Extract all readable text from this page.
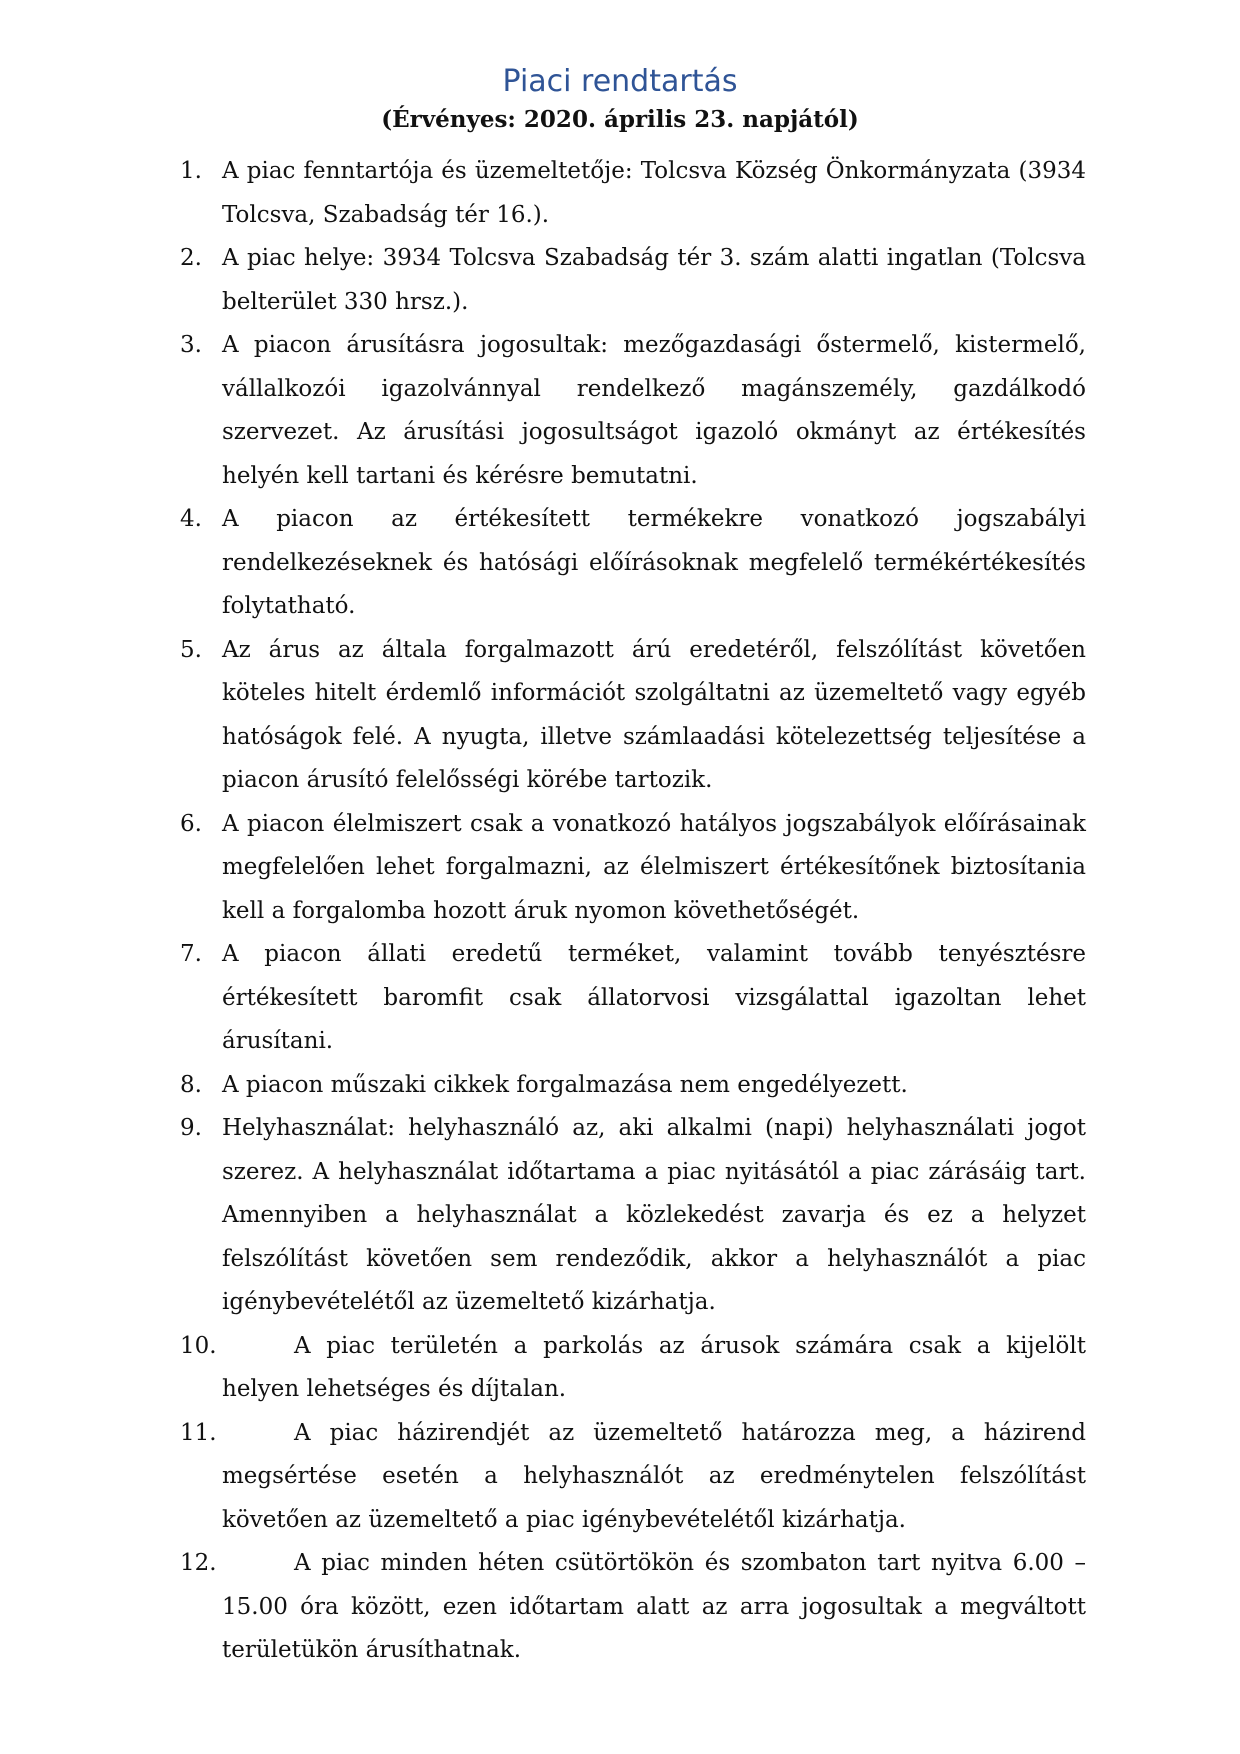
Piaci rendtartás
(Érvényes: 2020. április 23. napjától)
1. A piac fenntartója és üzemeltetője: Tolcsva Község Önkormányzata (3934 Tolcsva, Szabadság tér 16.).
2. A piac helye: 3934 Tolcsva Szabadság tér 3. szám alatti ingatlan (Tolcsva belterület 330 hrsz.).
3. A piacon árusításra jogosultak: mezőgazdasági őstermelő, kistermelő, vállalkozói igazolvánnyal rendelkező magánszemély, gazdálkodó szervezet. Az árusítási jogosultságot igazoló okmányt az értékesítés helyén kell tartani és kérésre bemutatni.
4. A piacon az értékesített termékekre vonatkozó jogszabályi rendelkezéseknek és hatósági előírásoknak megfelelő termékértékesítés folytatható.
5. Az árus az általa forgalmazott árú eredetéről, felszólítást követően köteles hitelt érdemlő információt szolgáltatni az üzemeltető vagy egyéb hatóságok felé. A nyugta, illetve számlaadási kötelezettség teljesítése a piacon árusító felelősségi körébe tartozik.
6. A piacon élelmiszert csak a vonatkozó hatályos jogszabályok előírásainak megfelelően lehet forgalmazni, az élelmiszert értékesítőnek biztosítania kell a forgalomba hozott áruk nyomon követhetőségét.
7. A piacon állati eredetű terméket, valamint tovább tenyésztésre értékesített baromfit csak állatorvosi vizsgálattal igazoltan lehet árusítani.
8. A piacon műszaki cikkek forgalmazása nem engedélyezett.
9. Helyhasználat: helyhasználó az, aki alkalmi (napi) helyhasználati jogot szerez. A helyhasználat időtartama a piac nyitásától a piac zárásáig tart. Amennyiben a helyhasználat a közlekedést zavarja és ez a helyzet felszólítást követően sem rendeződik, akkor a helyhasználót a piac igénybevételétől az üzemeltető kizárhatja.
10.	A piac területén a parkolás az árusok számára csak a kijelölt helyen lehetséges és díjtalan.
11.	A piac házirendjét az üzemeltető határozza meg, a házirend megsértése esetén a helyhasználót az eredménytelen felszólítást követően az üzemeltető a piac igénybevételétől kizárhatja.
12.	A piac minden héten csütörtökön és szombaton tart nyitva 6.00 – 15.00 óra között, ezen időtartam alatt az arra jogosultak a megváltott területükön árusíthatnak.
